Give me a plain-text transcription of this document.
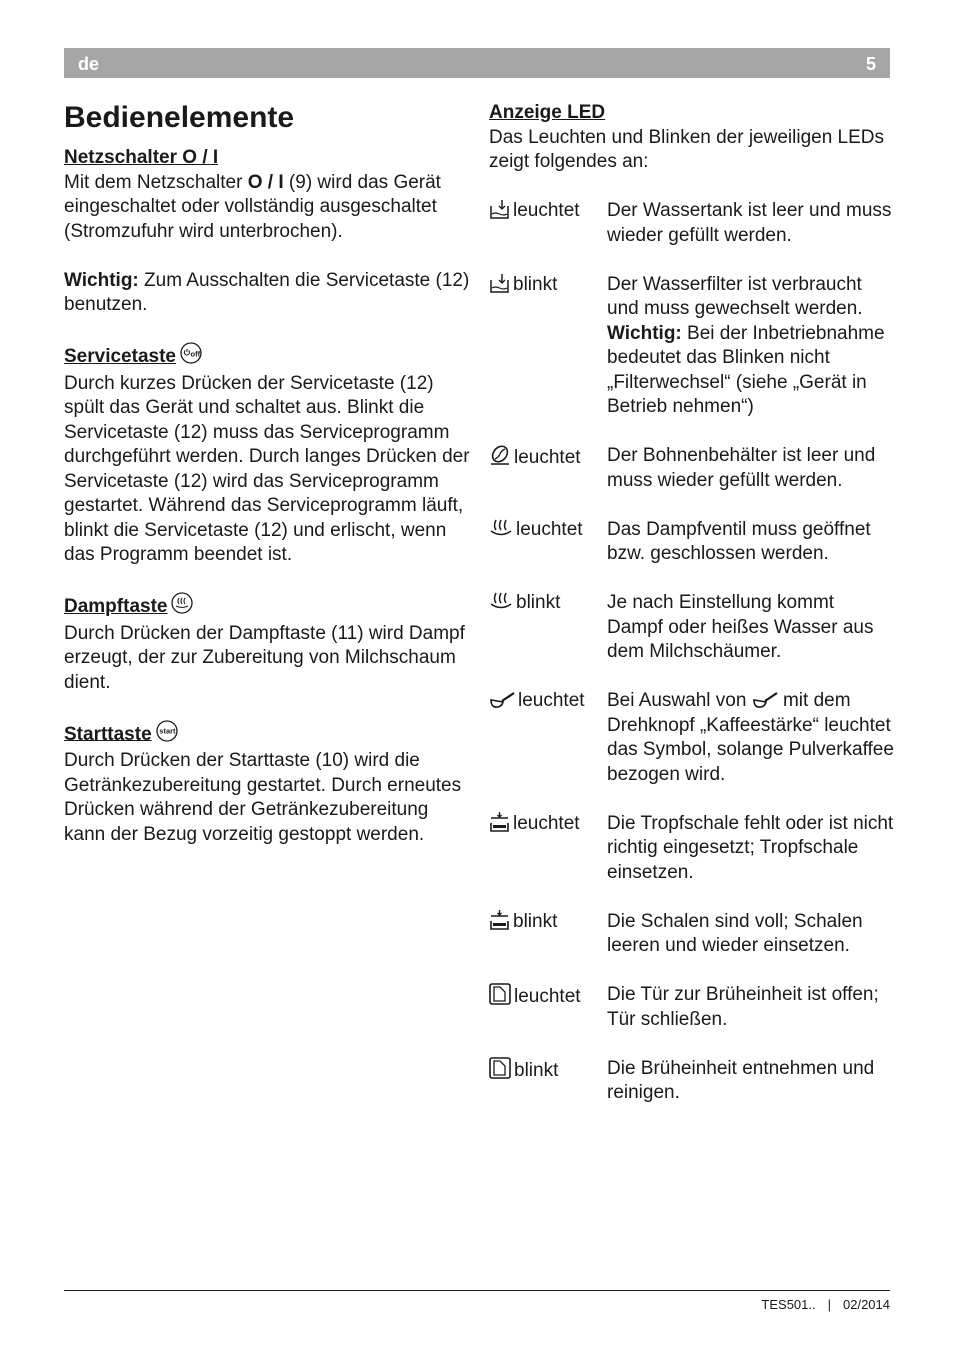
de	5
Bedienelemente
Netzschalter O / I

Mit dem Netzschalter O / I (9) wird das Gerät eingeschaltet oder vollständig ausgeschaltet (Stromzufuhr wird unterbrochen).

Wichtig: Zum Ausschalten die Servicetaste (12) benutzen.

Servicetaste off

Durch kurzes Drücken der Servicetaste (12) spült das Gerät und schaltet aus. Blinkt die Servicetaste (12) muss das Serviceprogramm durchgeführt werden. Durch langes Drücken der Servicetaste (12) wird das Serviceprogramm gestartet. Während das Serviceprogramm läuft, blinkt die Servicetaste (12) und erlischt, wenn das Programm beendet ist.

Dampftaste

Durch Drücken der Dampftaste (11) wird Dampf erzeugt, der zur Zubereitung von Milchschaum dient.

Starttaste start

Durch Drücken der Starttaste (10) wird die Getränkezubereitung gestartet. Durch erneutes Drücken während der Getränkezubereitung kann der Bezug vorzeitig gestoppt werden.

Anzeige LED

Das Leuchten und Blinken der jeweiligen LEDs zeigt folgendes an:

leuchtet	Der Wassertank ist leer und muss wieder gefüllt werden.
blinkt	Der Wasserfilter ist verbraucht und muss gewechselt werden.
Wichtig: Bei der Inbetriebnahme bedeutet das Blinken nicht „Filterwechsel“ (siehe „Gerät in Betrieb nehmen“)
leuchtet	Der Bohnenbehälter ist leer und muss wieder gefüllt werden.
leuchtet	Das Dampfventil muss geöffnet bzw. geschlossen werden.
blinkt	Je nach Einstellung kommt Dampf oder heißes Wasser aus dem Milchschäumer.
leuchtet	Bei Auswahl von  mit dem Drehknopf „Kaffeestärke“ leuchtet das Symbol, solange Pulverkaffee bezogen wird.
leuchtet	Die Tropfschale fehlt oder ist nicht richtig eingesetzt; Tropfschale einsetzen.
blinkt	Die Schalen sind voll; Schalen leeren und wieder einsetzen.
leuchtet	Die Tür zur Brüheinheit ist offen; Tür schließen.
blinkt	Die Brüheinheit entnehmen und reinigen.
TES501.. | 02/2014
